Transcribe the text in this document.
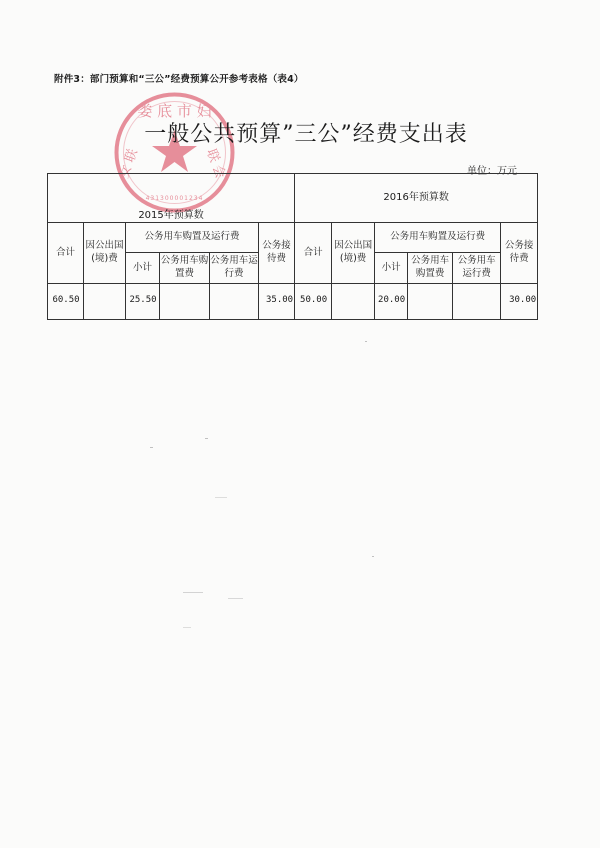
附件3：部门预算和“三公”经费预算公开参考表格（表4）
娄 底 市 妇
联 会
女 联
431300001234
一般公共预算”三公”经费支出表
单位：万元
2015年预算数						2016年预算数					
合计	因公出国(境)费	公务用车购置及运行费			公务接待费	合计	因公出国(境)费	公务用车购置及运行费			公务接待费
		小计	公务用车购置费	公务用车运行费				小计	公务用车购置费	公务用车运行费	
60.50		25.50			35.00	50.00		20.00			30.00
